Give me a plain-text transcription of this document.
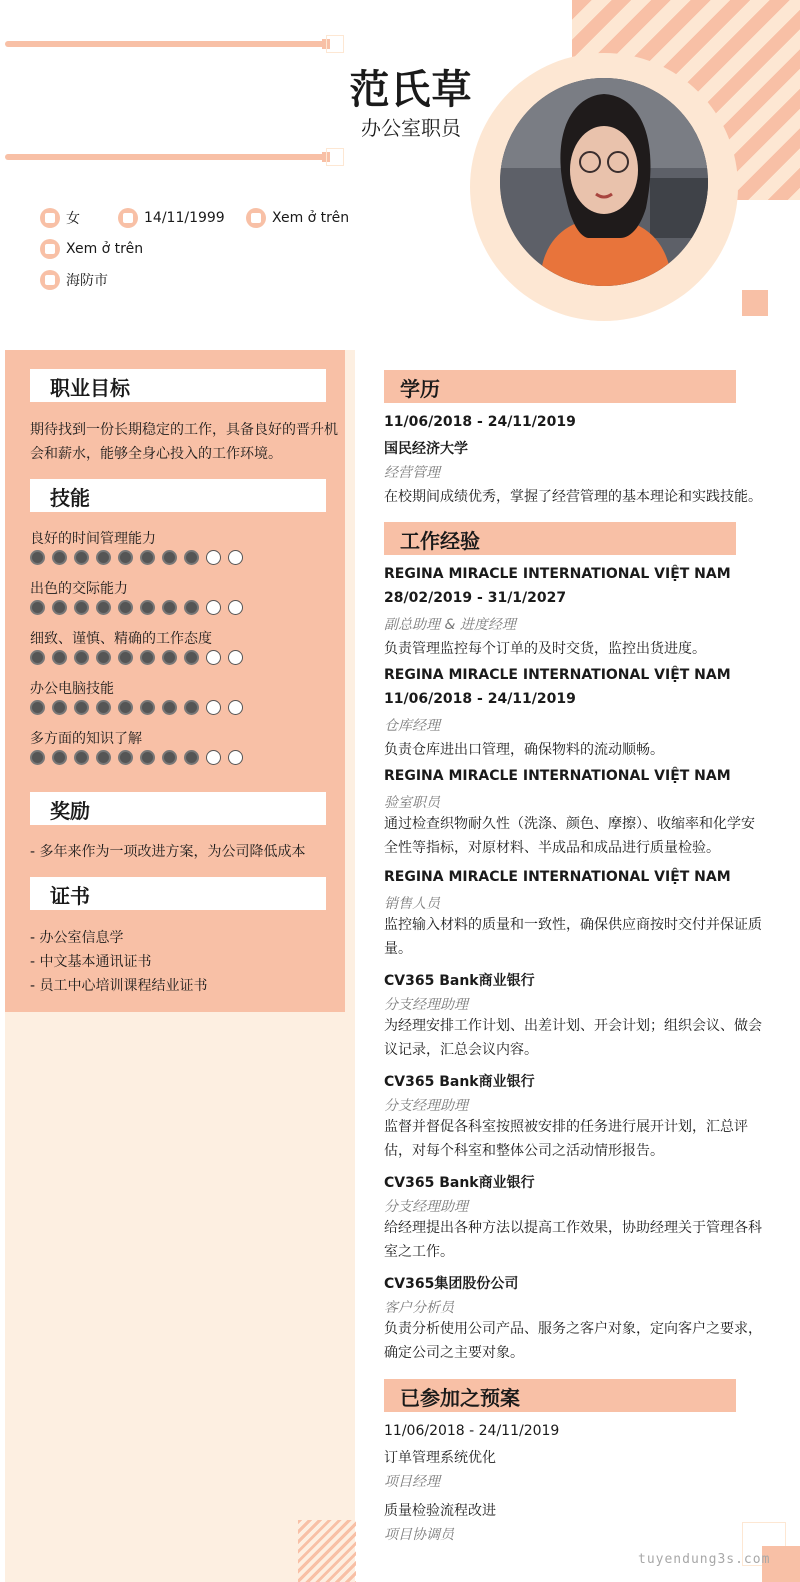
范氏草
办公室职员
女	14/11/1999	Xem ở trên
Xem ở trên
海防市
职业目标
期待找到一份长期稳定的工作，具备良好的晋升机会和薪水，能够全身心投入的工作环境。
技能
良好的时间管理能力
出色的交际能力
细致、谨慎、精确的工作态度
办公电脑技能
多方面的知识了解
奖励
- 多年来作为一项改进方案，为公司降低成本
证书
- 办公室信息学
- 中文基本通讯证书
- 员工中心培训课程结业证书
学历
11/06/2018 - 24/11/2019
国民经济大学
经营管理
在校期间成绩优秀，掌握了经营管理的基本理论和实践技能。
工作经验
REGINA MIRACLE INTERNATIONAL VIỆT NAM
28/02/2019 - 31/1/2027
副总助理 & 进度经理
负责管理监控每个订单的及时交货，监控出货进度。
REGINA MIRACLE INTERNATIONAL VIỆT NAM
11/06/2018 - 24/11/2019
仓库经理
负责仓库进出口管理，确保物料的流动顺畅。
REGINA MIRACLE INTERNATIONAL VIỆT NAM
验室职员
通过检查织物耐久性（洗涤、颜色、摩擦）、收缩率和化学安全性等指标，对原材料、半成品和成品进行质量检验。
REGINA MIRACLE INTERNATIONAL VIỆT NAM
销售人员
监控输入材料的质量和一致性，确保供应商按时交付并保证质量。
CV365 Bank商业银行
分支经理助理
为经理安排工作计划、出差计划、开会计划；组织会议、做会议记录，汇总会议内容。
CV365 Bank商业银行
分支经理助理
监督并督促各科室按照被安排的任务进行展开计划，汇总评估，对每个科室和整体公司之活动情形报告。
CV365 Bank商业银行
分支经理助理
给经理提出各种方法以提高工作效果，协助经理关于管理各科室之工作。
CV365集团股份公司
客户分析员
负责分析使用公司产品、服务之客户对象，定向客户之要求，确定公司之主要对象。
已参加之预案
11/06/2018 - 24/11/2019
订单管理系统优化
项目经理
质量检验流程改进
项目协调员
tuyendung3s.com
